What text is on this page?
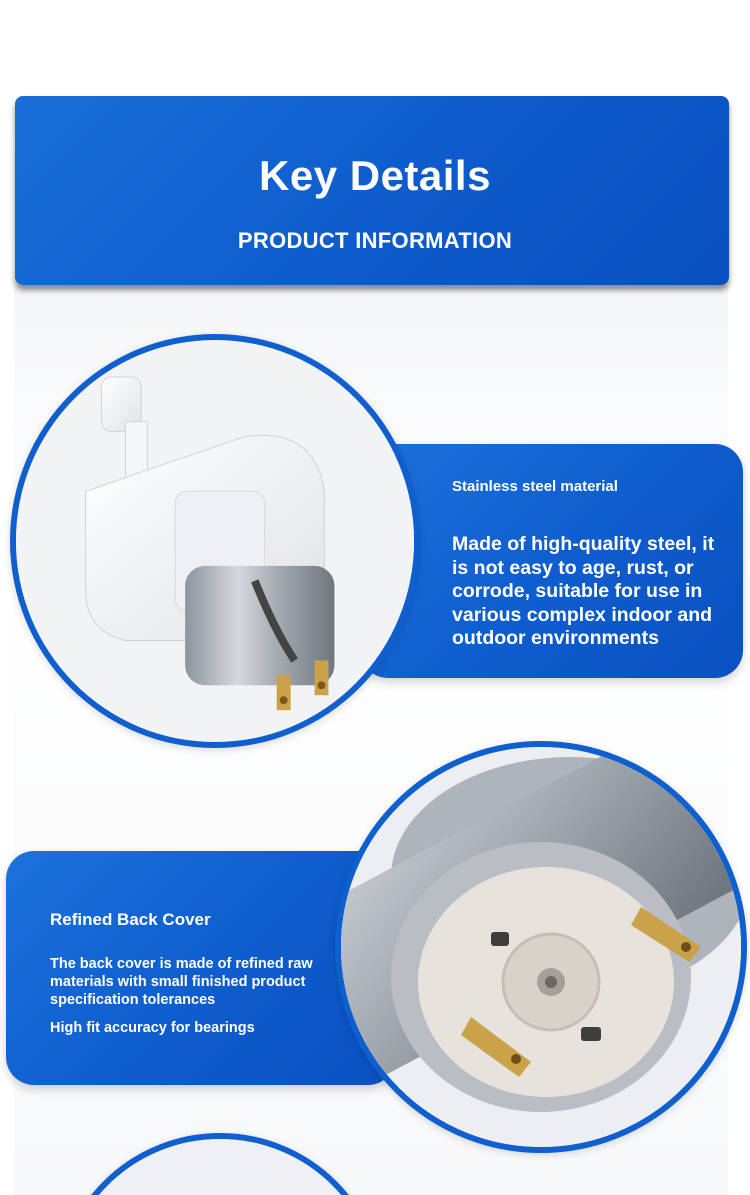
Key Details
PRODUCT INFORMATION
Stainless steel material
Made of high-quality steel, it is not easy to age, rust, or corrode, suitable for use in various complex indoor and outdoor environments
Refined Back Cover
The back cover is made of refined raw materials with small finished product specification tolerances
High fit accuracy for bearings
